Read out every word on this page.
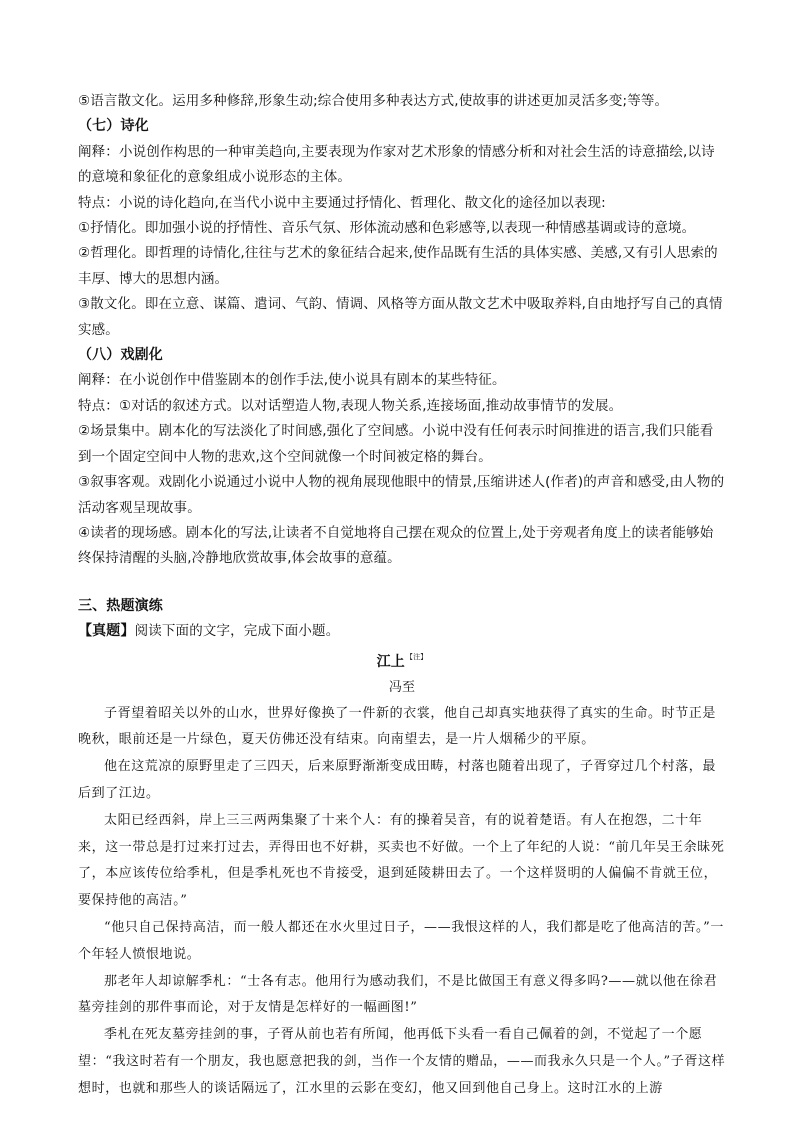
⑤语言散文化。运用多种修辞,形象生动;综合使用多种表达方式,使故事的讲述更加灵活多变;等等。

（七）诗化

阐释：小说创作构思的一种审美趋向,主要表现为作家对艺术形象的情感分析和对社会生活的诗意描绘,以诗的意境和象征化的意象组成小说形态的主体。

特点：小说的诗化趋向,在当代小说中主要通过抒情化、哲理化、散文化的途径加以表现:

①抒情化。即加强小说的抒情性、音乐气氛、形体流动感和色彩感等,以表现一种情感基调或诗的意境。

②哲理化。即哲理的诗情化,往往与艺术的象征结合起来,使作品既有生活的具体实感、美感,又有引人思索的丰厚、博大的思想内涵。

③散文化。即在立意、谋篇、遣词、气韵、情调、风格等方面从散文艺术中吸取养料,自由地抒写自己的真情实感。

（八）戏剧化

阐释：在小说创作中借鉴剧本的创作手法,使小说具有剧本的某些特征。

特点：①对话的叙述方式。以对话塑造人物,表现人物关系,连接场面,推动故事情节的发展。

②场景集中。剧本化的写法淡化了时间感,强化了空间感。小说中没有任何表示时间推进的语言,我们只能看到一个固定空间中人物的悲欢,这个空间就像一个时间被定格的舞台。

③叙事客观。戏剧化小说通过小说中人物的视角展现他眼中的情景,压缩讲述人(作者)的声音和感受,由人物的活动客观呈现故事。

④读者的现场感。剧本化的写法,让读者不自觉地将自己摆在观众的位置上,处于旁观者角度上的读者能够始终保持清醒的头脑,冷静地欣赏故事,体会故事的意蕴。

三、热题演练

【真题】阅读下面的文字，完成下面小题。

江上$^{【注】}$

冯至

子胥望着昭关以外的山水，世界好像换了一件新的衣裳，他自己却真实地获得了真实的生命。时节正是晚秋，眼前还是一片绿色，夏天仿佛还没有结束。向南望去，是一片人烟稀少的平原。

他在这荒凉的原野里走了三四天，后来原野渐渐变成田畴，村落也随着出现了，子胥穿过几个村落，最后到了江边。

太阳已经西斜，岸上三三两两集聚了十来个人：有的操着吴音，有的说着楚语。有人在抱怨，二十年来，这一带总是打过来打过去，弄得田也不好耕，买卖也不好做。一个上了年纪的人说：“前几年吴王余昧死了，本应该传位给季札，但是季札死也不肯接受，退到延陵耕田去了。一个这样贤明的人偏偏不肯就王位，要保持他的高洁。”

“他只自己保持高洁，而一般人都还在水火里过日子，——我恨这样的人，我们都是吃了他高洁的苦。”一个年轻人愤恨地说。

那老年人却谅解季札：“士各有志。他用行为感动我们，不是比做国王有意义得多吗?——就以他在徐君墓旁挂剑的那件事而论，对于友情是怎样好的一幅画图!”

季札在死友墓旁挂剑的事，子胥从前也若有所闻，他再低下头看一看自己佩着的剑，不觉起了一个愿望：“我这时若有一个朋友，我也愿意把我的剑，当作一个友情的赠品，——而我永久只是一个人。”子胥这样想时，也就和那些人的谈话隔远了，江水里的云影在变幻，他又回到他自己身上。这时江水的上游
